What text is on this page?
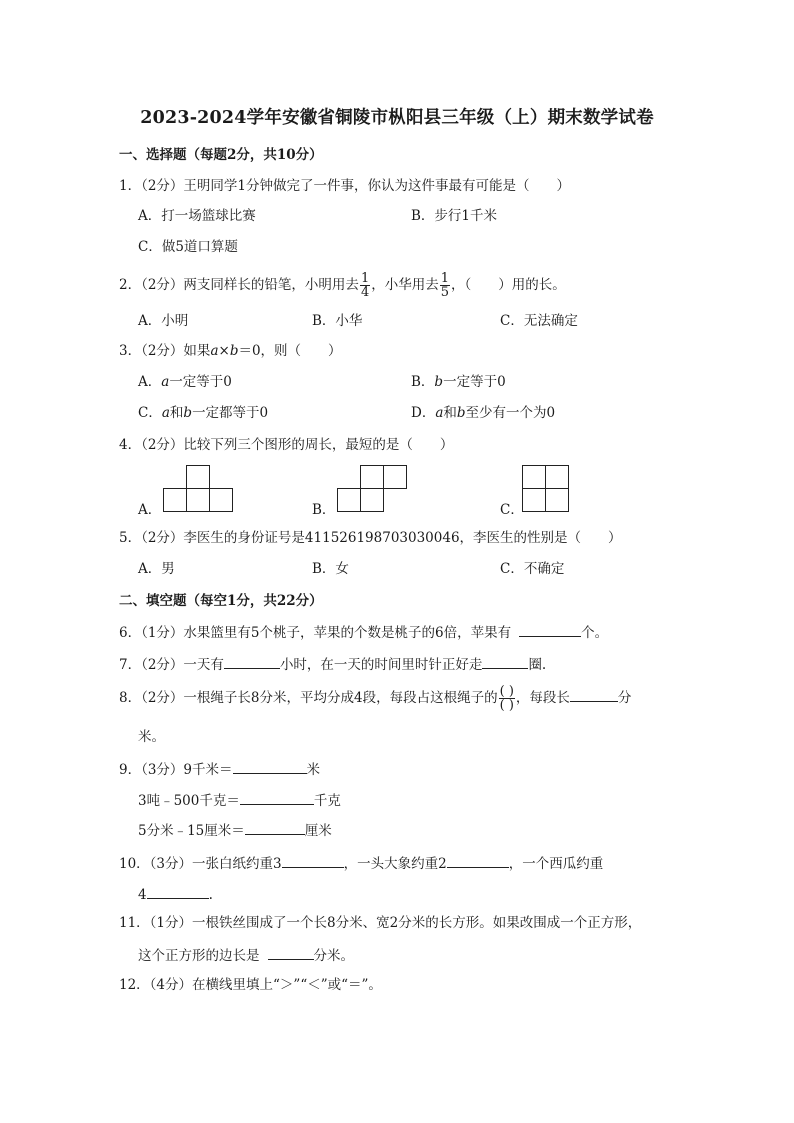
2023-2024学年安徽省铜陵市枞阳县三年级（上）期末数学试卷
一、选择题（每题2分，共10分）
1．（2分）王明同学1分钟做完了一件事，你认为这件事最有可能是（　　）
A．打一场篮球比赛	B．步行1千米
C．做5道口算题
2．（2分）两支同样长的铅笔，小明用去 $\frac{1}{4}$ ，小华用去 $\frac{1}{5}$ ，（　　）用的长。
A．小明	B．小华	C．无法确定
3．（2分）如果a×b＝0，则（　　）
A．a一定等于0	B．b一定等于0
C．a和b一定都等于0	D．a和b至少有一个为0
4．（2分）比较下列三个图形的周长，最短的是（　　）
A．	B．	C．
5．（2分）李医生的身份证号是411526198703030046，李医生的性别是（　　）
A．男	B．女	C．不确定
二、填空题（每空1分，共22分）
6．（1分）水果篮里有5个桃子，苹果的个数是桃子的6倍，苹果有	个。
7．（2分）一天有	小时，在一天的时间里时针正好走	圈.
8．（2分）一根绳子长8分米，平均分成4段，每段占这根绳子的 $\frac{( )}{( )}$ ，每段长	分
米。
9．（3分）9千米＝	米
3吨﹣500千克＝	千克
5分米﹣15厘米＝	厘米
10．（3分）一张白纸约重3	，一头大象约重2	，一个西瓜约重
4	.
11．（1分）一根铁丝围成了一个长8分米、宽2分米的长方形。如果改围成一个正方形，
这个正方形的边长是	分米。
12．（4分）在横线里填上“＞”“＜”或“＝”。
